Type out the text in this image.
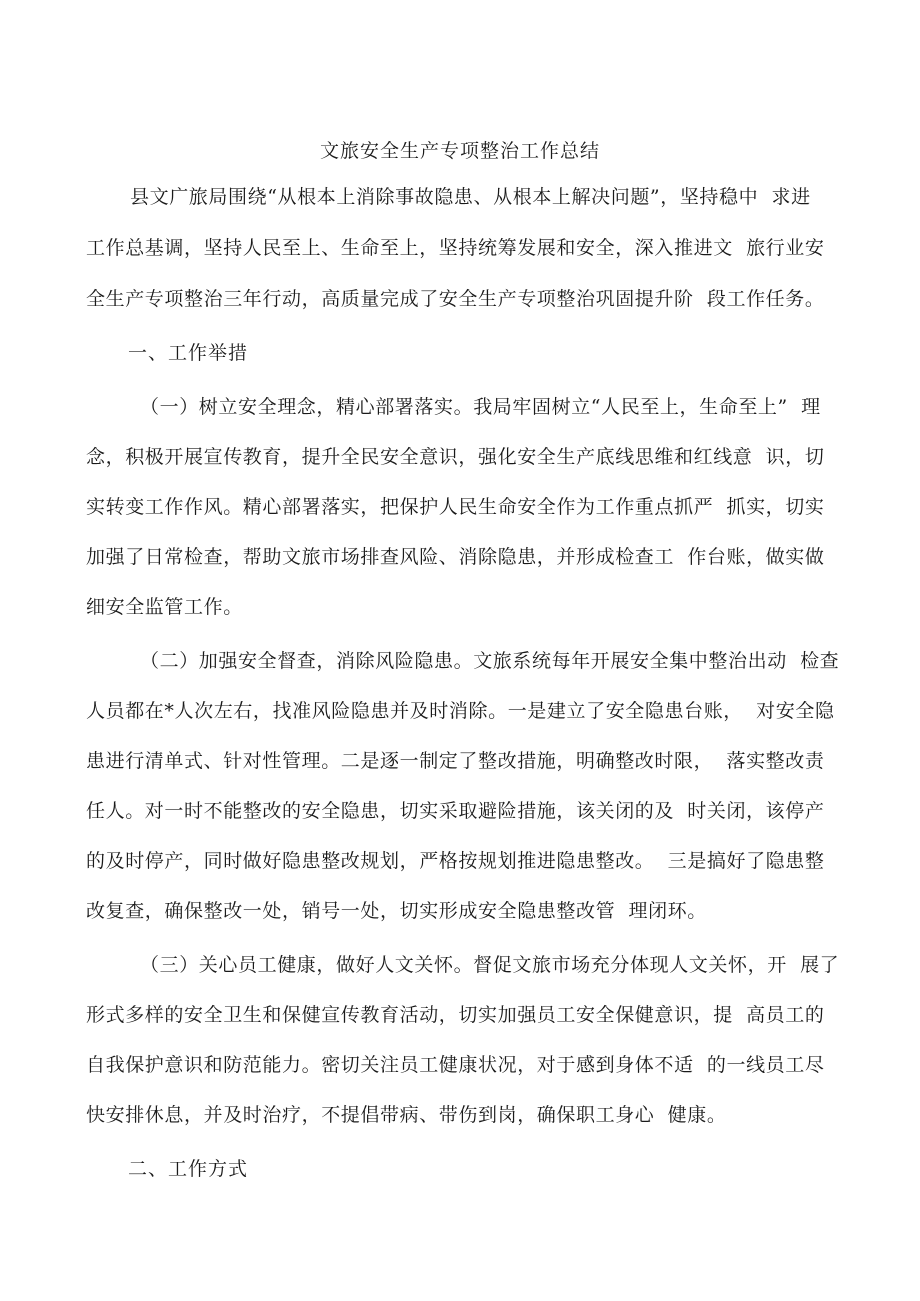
文旅安全生产专项整治工作总结
县文广旅局围绕“从根本上消除事故隐患、从根本上解决问题”，坚持稳中  求进
工作总基调，坚持人民至上、生命至上，坚持统筹发展和安全，深入推进文  旅行业安
全生产专项整治三年行动，高质量完成了安全生产专项整治巩固提升阶  段工作任务。
一、工作举措
（一）树立安全理念，精心部署落实。我局牢固树立“人民至上，生命至上”  理
念，积极开展宣传教育，提升全民安全意识，强化安全生产底线思维和红线意  识，切
实转变工作作风。精心部署落实，把保护人民生命安全作为工作重点抓严  抓实，切实
加强了日常检查，帮助文旅市场排查风险、消除隐患，并形成检查工  作台账，做实做
细安全监管工作。
（二）加强安全督查，消除风险隐患。文旅系统每年开展安全集中整治出动  检查
人员都在*人次左右，找准风险隐患并及时消除。一是建立了安全隐患台账，  对安全隐
患进行清单式、针对性管理。二是逐一制定了整改措施，明确整改时限，  落实整改责
任人。对一时不能整改的安全隐患，切实采取避险措施，该关闭的及  时关闭，该停产
的及时停产，同时做好隐患整改规划，严格按规划推进隐患整改。  三是搞好了隐患整
改复查，确保整改一处，销号一处，切实形成安全隐患整改管  理闭环。
（三）关心员工健康，做好人文关怀。督促文旅市场充分体现人文关怀，开  展了
形式多样的安全卫生和保健宣传教育活动，切实加强员工安全保健意识，提  高员工的
自我保护意识和防范能力。密切关注员工健康状况，对于感到身体不适  的一线员工尽
快安排休息，并及时治疗，不提倡带病、带伤到岗，确保职工身心  健康。
二、工作方式
